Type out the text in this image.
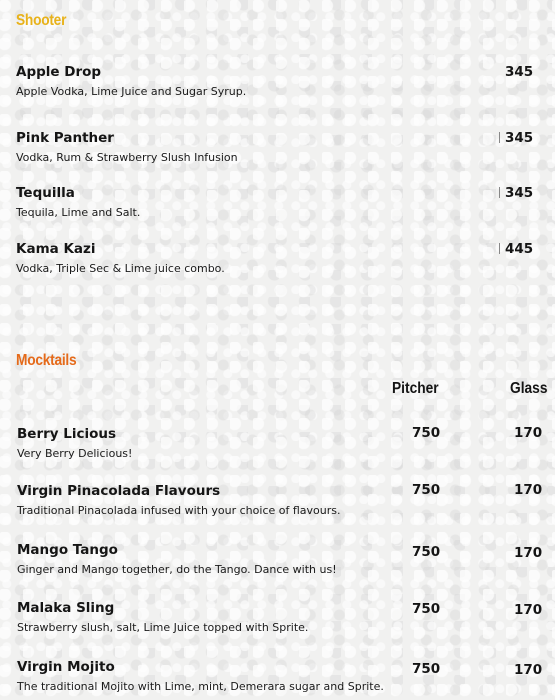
Shooter
Apple Drop
Apple Vodka, Lime Juice and Sugar Syrup.
345
Pink Panther
Vodka, Rum & Strawberry Slush Infusion
345
Tequilla
Tequila, Lime and Salt.
345
Kama Kazi
Vodka, Triple Sec & Lime juice combo.
445
Mocktails
Pitcher	Glass
Berry Licious
Very Berry Delicious!
750	170
Virgin Pinacolada Flavours
Traditional Pinacolada infused with your choice of flavours.
750	170
Mango Tango
Ginger and Mango together, do the Tango. Dance with us!
750	170
Malaka Sling
Strawberry slush, salt, Lime Juice topped with Sprite.
750	170
Virgin Mojito
The traditional Mojito with Lime, mint, Demerara sugar and Sprite.
750	170
